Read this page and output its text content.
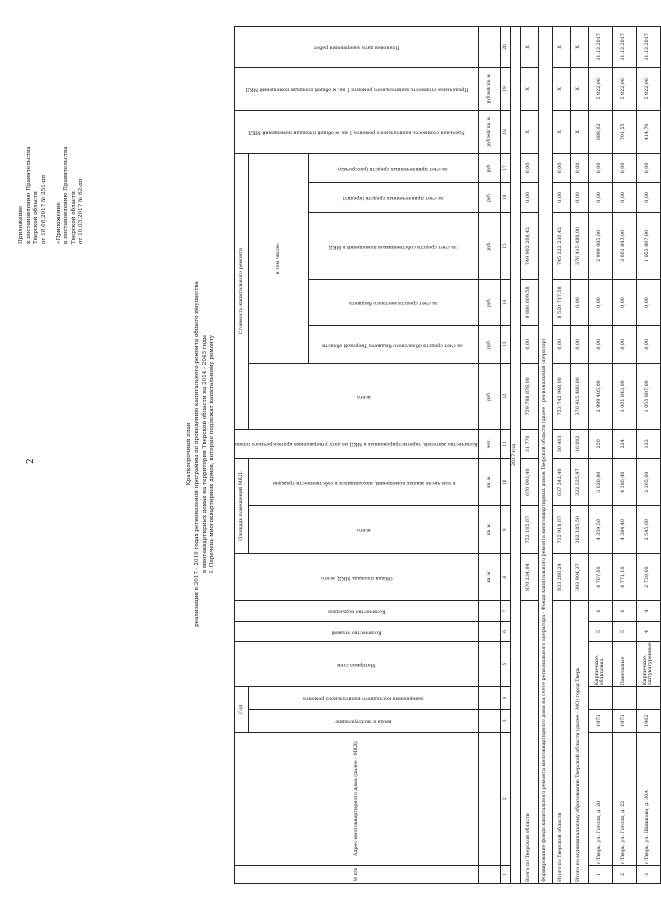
2
Приложение к постановлению Правительства Тверской области от 18.08.2017 № 251-пп
«Приложение к постановлению Правительства Тверской области от 10.03.2017 № 62-пп
Краткосрочный план реализации в 2017 - 2019 годах региональной программы по проведению капитального ремонта общего имущества в многоквартирных домах на территории Тверской области на 2014 - 2043 годы I. Перечень многоквартирных домов, которые подлежат капитальному ремонту
№ п/п	Адрес многоквартирного дома (далее - МКД)	Год		Материал стен	Количество этажей	Количество подъездов	Общая площадь МКД, всего	Площадь помещений МКД:		Количество жителей, зарегистрированных в МКД на дату утверждения краткосрочного плана	Стоимость капитального ремонта						Удельная стоимость капитального ремонта 1 кв. м общей площади помещений МКД	Предельная стоимость капитального ремонта 1 кв. м общей площади помещений МКД	Плановая дата завершения работ
		ввода в эксплуатацию	завершения последнего капитального ремонта					всего	в том числе жилых помещений, находящихся в собственности граждан		всего	в том числе:							
												за счет средств областного бюджета Тверской области	за счет средств местного бюджета	за счет средств собственников помещений в МКД	за счет привлеченных средств (кредит)	за счет привлеченных средств (рассрочка)			
							кв. м	кв. м	кв. м	чел.	руб.	руб.	руб.	руб.	руб.	руб.	рублей/ кв. м	рублей/ кв. м	
1	2	3	4	5	6	7	8	9	10	11	12	13	14	15	16	17	18	19	20
2017 год																			
Всего по Тверской области							870 234,04	752 165,67	670 093,40	31 776	759 788 878,00	0,00	9 886 609,58	749 902 268,42	0,00	0,00	X	X	X
Формирование фонда капитального ремонта многоквартирного дома на счете регионального оператора - Фонда капитального ремонта многоквартирных домов Тверской области (далее - региональный оператор)																			
Итого по Тверской области							833 286,24	715 918,67	637 242,40	30 403	753 742 948,00	0,00	8 520 717,58	745 222 230,42	0,00	0,00	X	X	X
Итого по муниципальному образованию Тверской области (далее - МО) город Тверь							393 904,37	362 185,50	322 525,97	16 002	376 415 480,00	0,00	0,00	376 415 480,00	0,00	0,00	X	X	X
1	г.Тверь, ул. Гоголя, д. 20	1973		Кирпичные, облицовка	5	6	4 767,60	4 359,50	3 620,80	250	2 999 405,00	0,00	0,00	2 999 405,00	0,00	0,00	688,02	5 822,00	31.12.2017
2	г.Тверь, ул. Гоголя, д. 22	1973		Панельные	5	6	4 771,10	4 384,40	4 186,40	224	3 061 843,00	0,00	0,00	3 061 843,00	0,00	0,00	701,55	5 822,00	31.12.2017
3	г.Тверь, ул. Шишкова, д. 30А	1962		Кирпичные, оштукатуренные	4	4	2 739,60	2 545,60	2 365,60	122	1 055 807,00	0,00	0,00	1 055 807,00	0,00	0,00	414,76	5 822,00	31.12.2017
